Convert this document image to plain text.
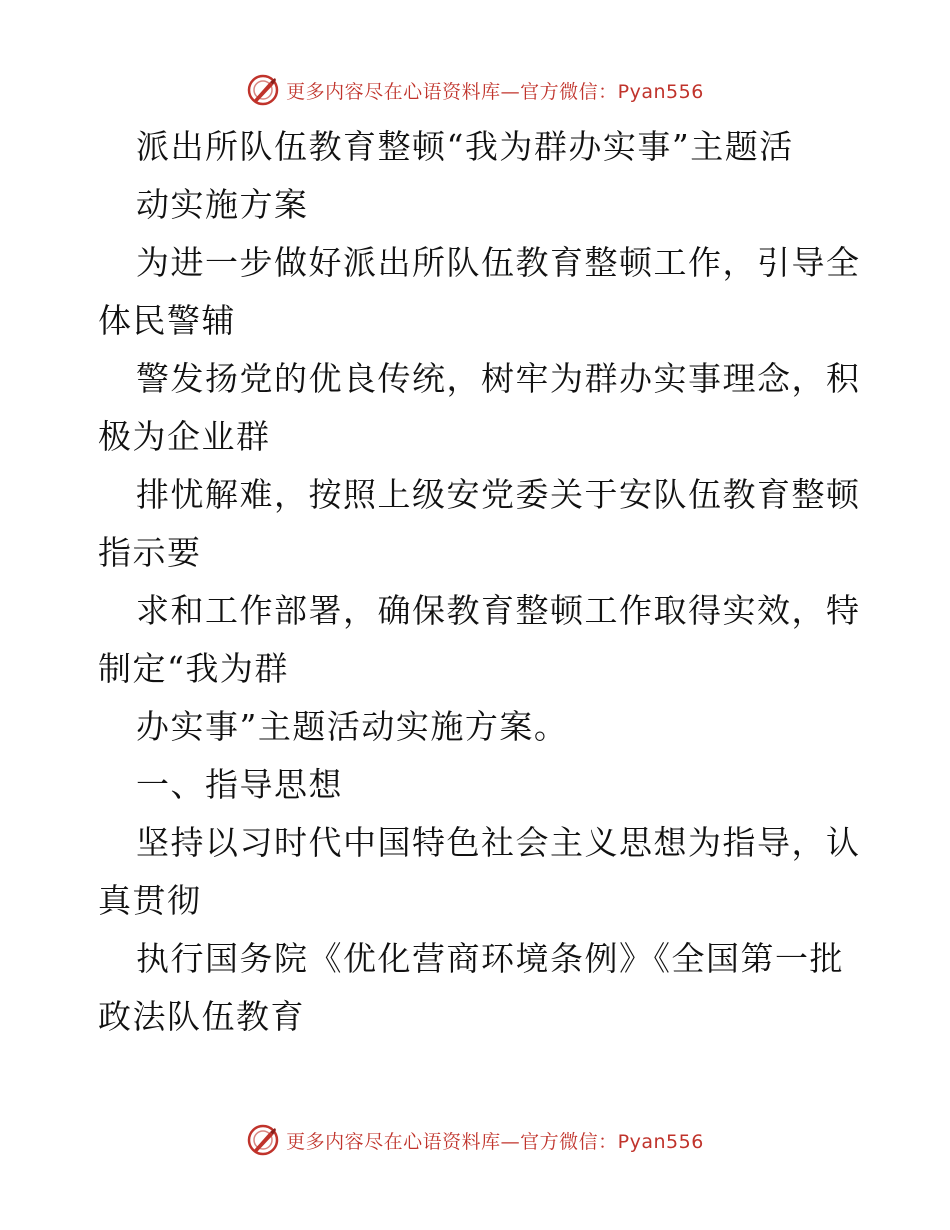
更多内容尽在心语资料库—官方微信：Pyan556
派出所队伍教育整顿“我为群办实事”主题活
动实施方案
为进一步做好派出所队伍教育整顿工作，引导全
体民警辅
警发扬党的优良传统，树牢为群办实事理念，积
极为企业群
排忧解难，按照上级安党委关于安队伍教育整顿
指示要
求和工作部署，确保教育整顿工作取得实效，特
制定“我为群
办实事”主题活动实施方案。
一、指导思想
坚持以习时代中国特色社会主义思想为指导，认
真贯彻
执行国务院《优化营商环境条例》《全国第一批
政法队伍教育
更多内容尽在心语资料库—官方微信：Pyan556
